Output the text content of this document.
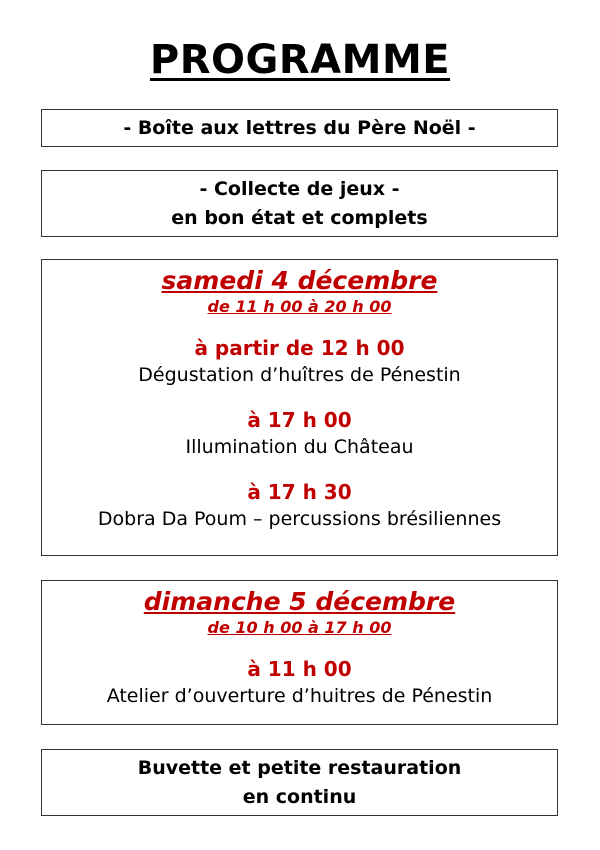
PROGRAMME
- Boîte aux lettres du Père Noël -
- Collecte de jeux -
en bon état et complets
samedi 4 décembre
de 11 h 00 à 20 h 00
à partir de 12 h 00
Dégustation d’huîtres de Pénestin
à 17 h 00
Illumination du Château
à 17 h 30
Dobra Da Poum – percussions brésiliennes
dimanche 5 décembre
de 10 h 00 à 17 h 00
à 11 h 00
Atelier d’ouverture d’huitres de Pénestin
Buvette et petite restauration
en continu
